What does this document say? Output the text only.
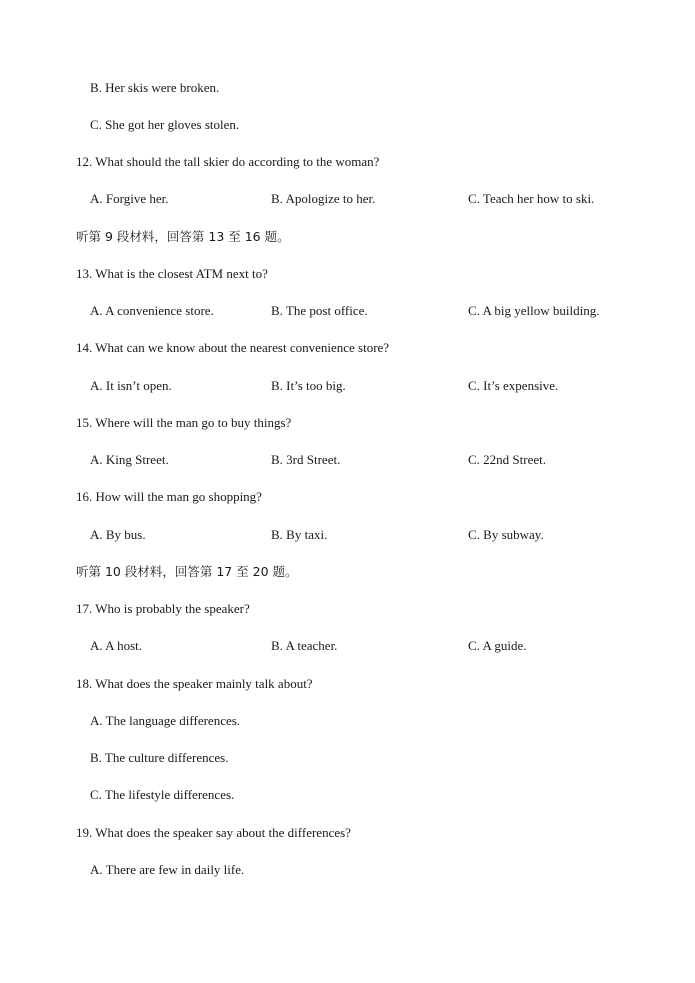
B. Her skis were broken.
C. She got her gloves stolen.
12. What should the tall skier do according to the woman?
A. Forgive her.	B. Apologize to her.	C. Teach her how to ski.
听第 9 段材料，回答第 13 至 16 题。
13. What is the closest ATM next to?
A. A convenience store.	B. The post office.	C. A big yellow building.
14. What can we know about the nearest convenience store?
A. It isn’t open.	B. It’s too big.	C. It’s expensive.
15. Where will the man go to buy things?
A. King Street.	B. 3rd Street.	C. 22nd Street.
16. How will the man go shopping?
A. By bus.	B. By taxi.	C. By subway.
听第 10 段材料，回答第 17 至 20 题。
17. Who is probably the speaker?
A. A host.	B. A teacher.	C. A guide.
18. What does the speaker mainly talk about?
A. The language differences.
B. The culture differences.
C. The lifestyle differences.
19. What does the speaker say about the differences?
A. There are few in daily life.
